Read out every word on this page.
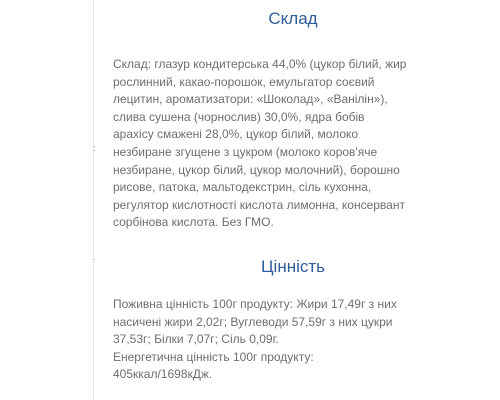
:
.
Склад

Склад: глазур кондитерська 44,0% (цукор білий, жир
рослинний, какао-порошок, емульгатор соєвий
лецитин, ароматизатори: «Шоколад», «Ванілін»),
слива сушена (чорнослив) 30,0%, ядра бобів
арахісу смажені 28,0%, цукор білий, молоко
незбиране згущене з цукром (молоко коров'яче
незбиране, цукор білий, цукор молочний), борошно
рисове, патока, мальтодекстрин, сіль кухонна,
регулятор кислотності кислота лимонна, консервант
сорбінова кислота. Без ГМО.

Цінність

Поживна цінність 100г продукту: Жири 17,49г з них
насичені жири 2,02г; Вуглеводи 57,59г з них цукри
37,53г; Білки 7,07г; Сіль 0,09г.
Енергетична цінність 100г продукту:
405ккал/1698кДж.
